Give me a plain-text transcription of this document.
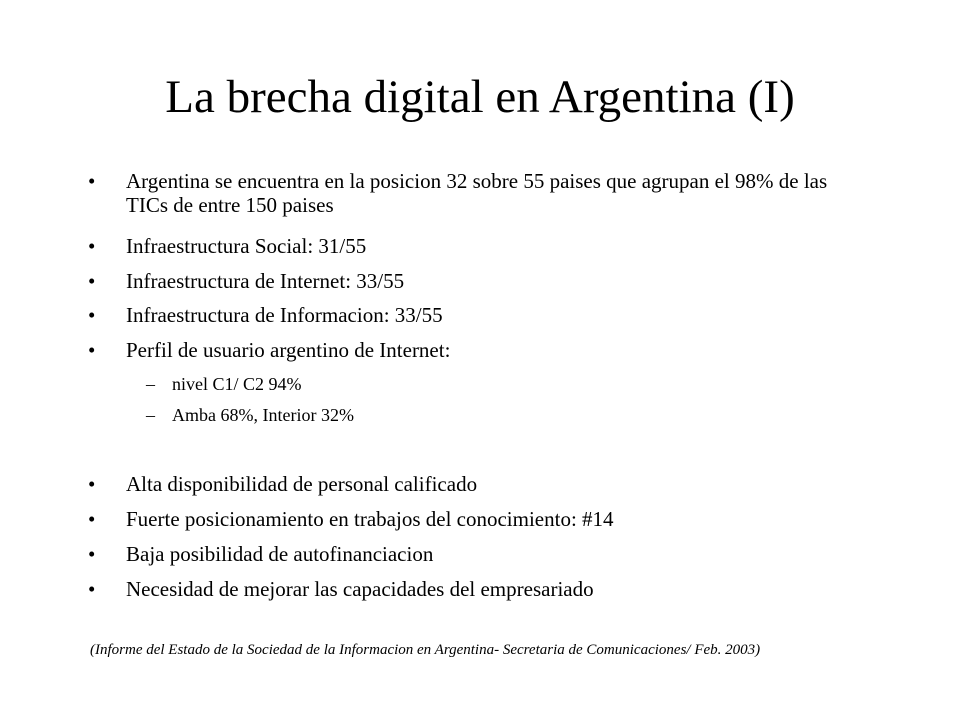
La brecha digital en Argentina (I)
• Argentina se encuentra en la posicion 32 sobre 55 paises que agrupan el 98% de las TICs de entre 150 paises
• Infraestructura Social: 31/55
• Infraestructura de Internet: 33/55
• Infraestructura de Informacion: 33/55
• Perfil de usuario argentino de Internet:
– nivel C1/ C2 94%
– Amba 68%, Interior 32%
• Alta disponibilidad de personal calificado
• Fuerte posicionamiento en trabajos del conocimiento: #14
• Baja posibilidad de autofinanciacion
• Necesidad de mejorar las capacidades del empresariado
(Informe del Estado de la Sociedad de la Informacion en Argentina- Secretaria de Comunicaciones/ Feb. 2003)
